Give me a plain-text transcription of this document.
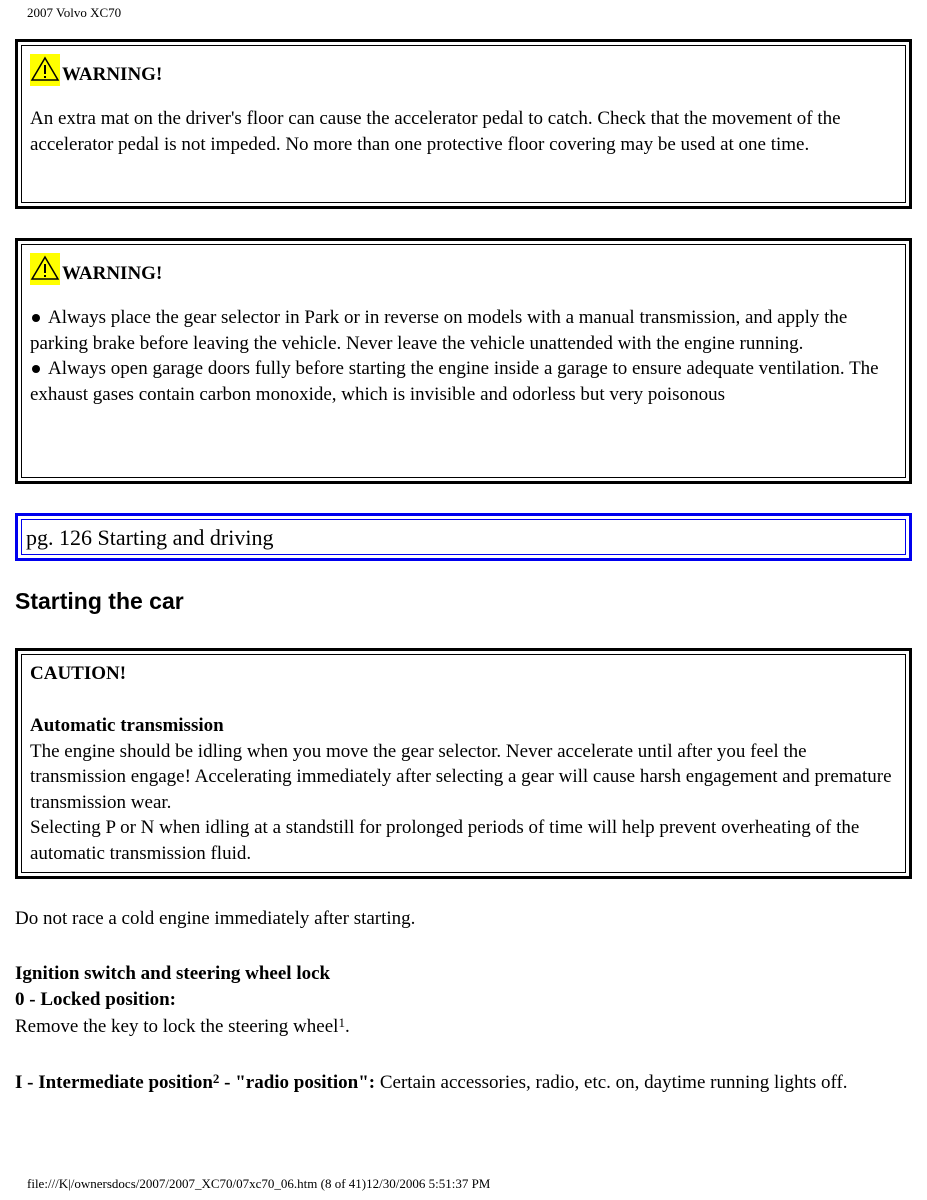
2007 Volvo XC70
WARNING!
An extra mat on the driver's floor can cause the accelerator pedal to catch. Check that the movement of the accelerator pedal is not impeded. No more than one protective floor covering may be used at one time.
WARNING!
Always place the gear selector in Park or in reverse on models with a manual transmission, and apply the parking brake before leaving the vehicle. Never leave the vehicle unattended with the engine running.
Always open garage doors fully before starting the engine inside a garage to ensure adequate ventilation. The exhaust gases contain carbon monoxide, which is invisible and odorless but very poisonous
pg. 126 Starting and driving
Starting the car
CAUTION!
Automatic transmission
The engine should be idling when you move the gear selector. Never accelerate until after you feel the transmission engage! Accelerating immediately after selecting a gear will cause harsh engagement and premature transmission wear.
Selecting P or N when idling at a standstill for prolonged periods of time will help prevent overheating of the automatic transmission fluid.
Do not race a cold engine immediately after starting.
Ignition switch and steering wheel lock
0 - Locked position:
Remove the key to lock the steering wheel$^1$.
I - Intermediate position$^2$ - "radio position": Certain accessories, radio, etc. on, daytime running lights off.
file:///K|/ownersdocs/2007/2007_XC70/07xc70_06.htm (8 of 41)12/30/2006 5:51:37 PM
